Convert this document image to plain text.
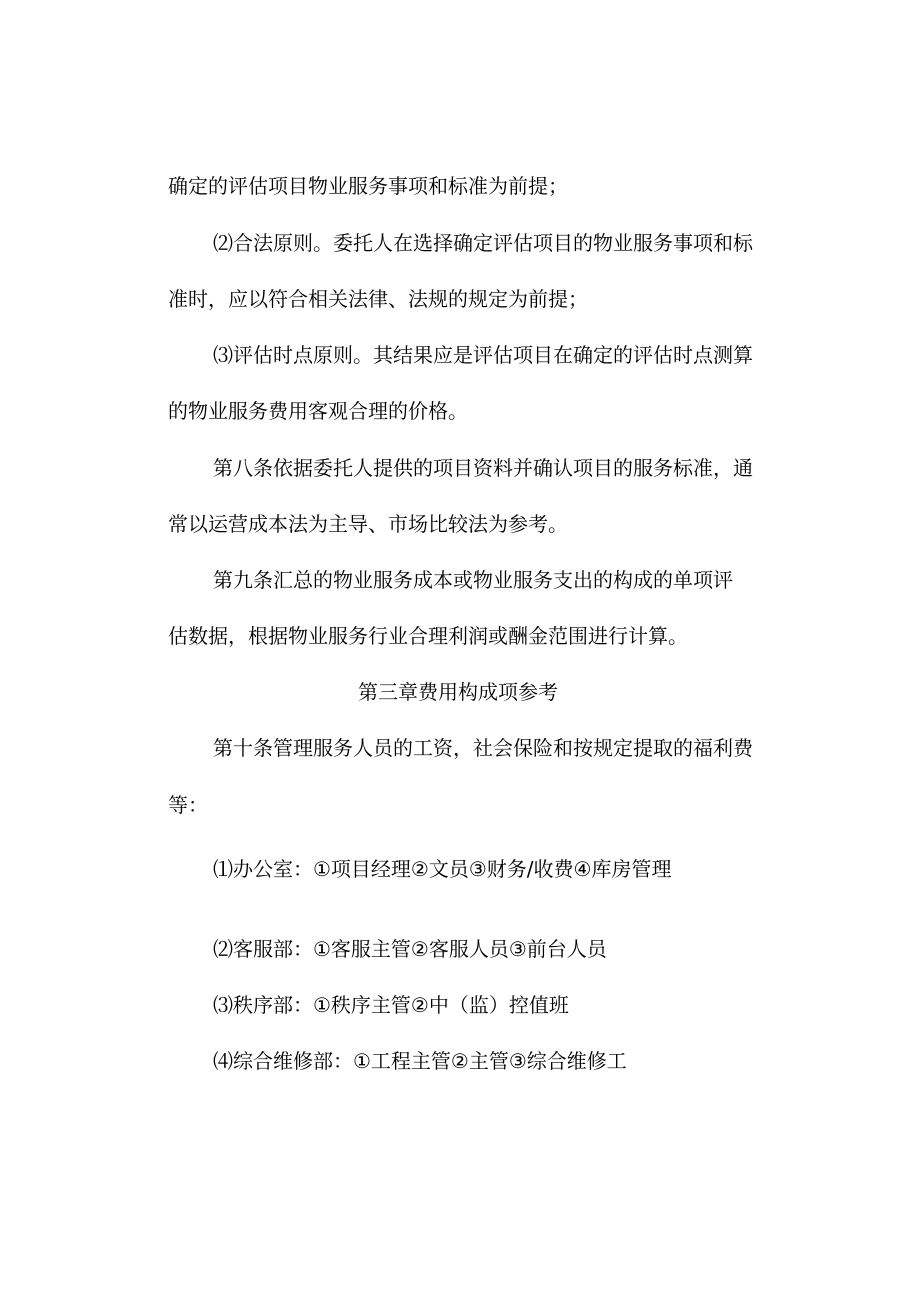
确定的评估项目物业服务事项和标准为前提；
⑵合法原则。委托人在选择确定评估项目的物业服务事项和标
准时，应以符合相关法律、法规的规定为前提；
⑶评估时点原则。其结果应是评估项目在确定的评估时点测算
的物业服务费用客观合理的价格。
第八条依据委托人提供的项目资料并确认项目的服务标准，通
常以运营成本法为主导、市场比较法为参考。
第九条汇总的物业服务成本或物业服务支出的构成的单项评
估数据，根据物业服务行业合理利润或酬金范围进行计算。
第三章费用构成项参考
第十条管理服务人员的工资，社会保险和按规定提取的福利费
等：
⑴办公室：①项目经理②文员③财务/收费④库房管理
⑵客服部：①客服主管②客服人员③前台人员
⑶秩序部：①秩序主管②中（监）控值班
⑷综合维修部：①工程主管②主管③综合维修工
